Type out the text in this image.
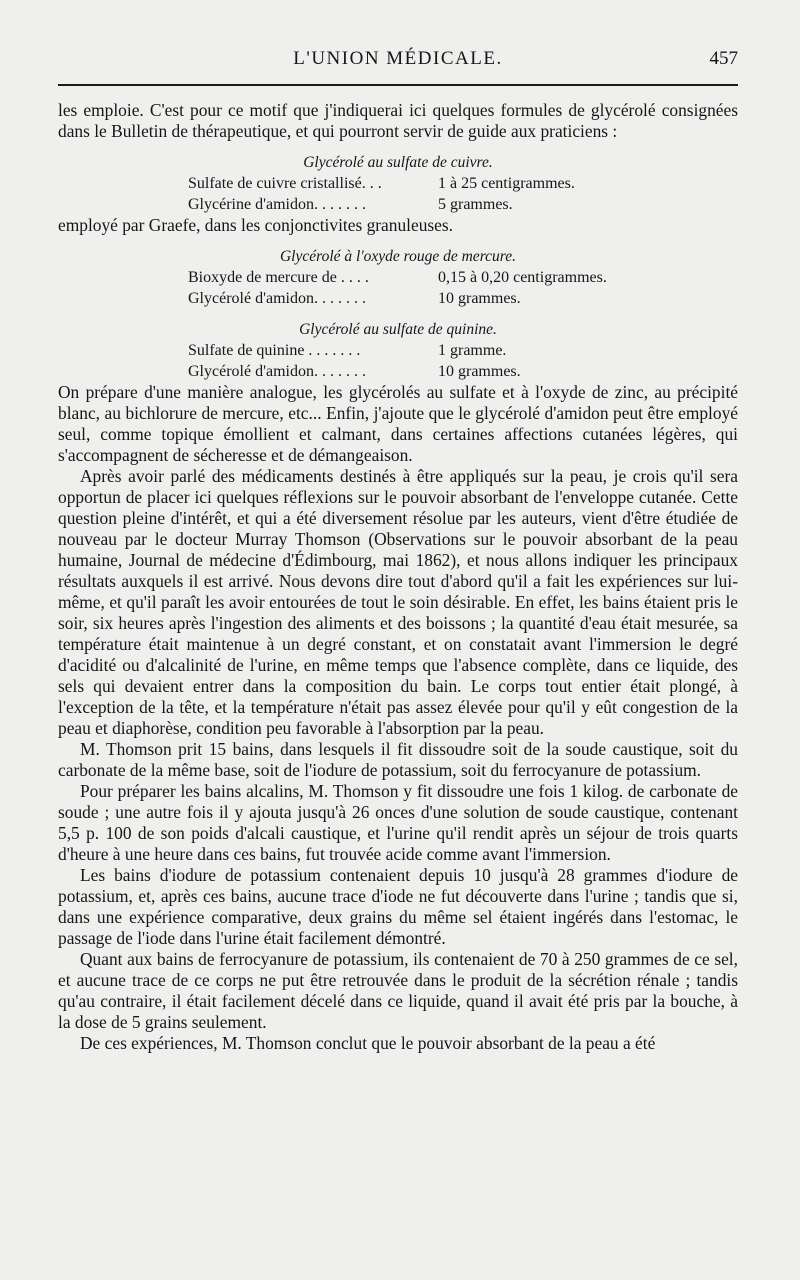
L'UNION MÉDICALE.	457

les emploie. C'est pour ce motif que j'indiquerai ici quelques formules de glycérolé consignées dans le Bulletin de thérapeutique, et qui pourront servir de guide aux praticiens :

Glycérolé au sulfate de cuivre.
Sulfate de cuivre cristallisé. . .	1 à 25 centigrammes.
Glycérine d'amidon. . . . . . .	5 grammes.

employé par Graefe, dans les conjonctivites granuleuses.

Glycérolé à l'oxyde rouge de mercure.
Bioxyde de mercure de . . . .	0,15 à 0,20 centigrammes.
Glycérolé d'amidon. . . . . . .	10 grammes.
Glycérolé au sulfate de quinine.
Sulfate de quinine . . . . . . .	1 gramme.
Glycérolé d'amidon. . . . . . .	10 grammes.

On prépare d'une manière analogue, les glycérolés au sulfate et à l'oxyde de zinc, au précipité blanc, au bichlorure de mercure, etc... Enfin, j'ajoute que le glycérolé d'amidon peut être employé seul, comme topique émollient et calmant, dans certaines affections cutanées légères, qui s'accompagnent de sécheresse et de démangeaison.

Après avoir parlé des médicaments destinés à être appliqués sur la peau, je crois qu'il sera opportun de placer ici quelques réflexions sur le pouvoir absorbant de l'enveloppe cutanée. Cette question pleine d'intérêt, et qui a été diversement résolue par les auteurs, vient d'être étudiée de nouveau par le docteur Murray Thomson (Observations sur le pouvoir absorbant de la peau humaine, Journal de médecine d'Édimbourg, mai 1862), et nous allons indiquer les principaux résultats auxquels il est arrivé. Nous devons dire tout d'abord qu'il a fait les expériences sur lui-même, et qu'il paraît les avoir entourées de tout le soin désirable. En effet, les bains étaient pris le soir, six heures après l'ingestion des aliments et des boissons ; la quantité d'eau était mesurée, sa température était maintenue à un degré constant, et on constatait avant l'immersion le degré d'acidité ou d'alcalinité de l'urine, en même temps que l'absence complète, dans ce liquide, des sels qui devaient entrer dans la composition du bain. Le corps tout entier était plongé, à l'exception de la tête, et la température n'était pas assez élevée pour qu'il y eût congestion de la peau et diaphorèse, condition peu favorable à l'absorption par la peau.

M. Thomson prit 15 bains, dans lesquels il fit dissoudre soit de la soude caustique, soit du carbonate de la même base, soit de l'iodure de potassium, soit du ferrocyanure de potassium.

Pour préparer les bains alcalins, M. Thomson y fit dissoudre une fois 1 kilog. de carbonate de soude ; une autre fois il y ajouta jusqu'à 26 onces d'une solution de soude caustique, contenant 5,5 p. 100 de son poids d'alcali caustique, et l'urine qu'il rendit après un séjour de trois quarts d'heure à une heure dans ces bains, fut trouvée acide comme avant l'immersion.

Les bains d'iodure de potassium contenaient depuis 10 jusqu'à 28 grammes d'iodure de potassium, et, après ces bains, aucune trace d'iode ne fut découverte dans l'urine ; tandis que si, dans une expérience comparative, deux grains du même sel étaient ingérés dans l'estomac, le passage de l'iode dans l'urine était facilement démontré.

Quant aux bains de ferrocyanure de potassium, ils contenaient de 70 à 250 grammes de ce sel, et aucune trace de ce corps ne put être retrouvée dans le produit de la sécrétion rénale ; tandis qu'au contraire, il était facilement décelé dans ce liquide, quand il avait été pris par la bouche, à la dose de 5 grains seulement.

De ces expériences, M. Thomson conclut que le pouvoir absorbant de la peau a été
